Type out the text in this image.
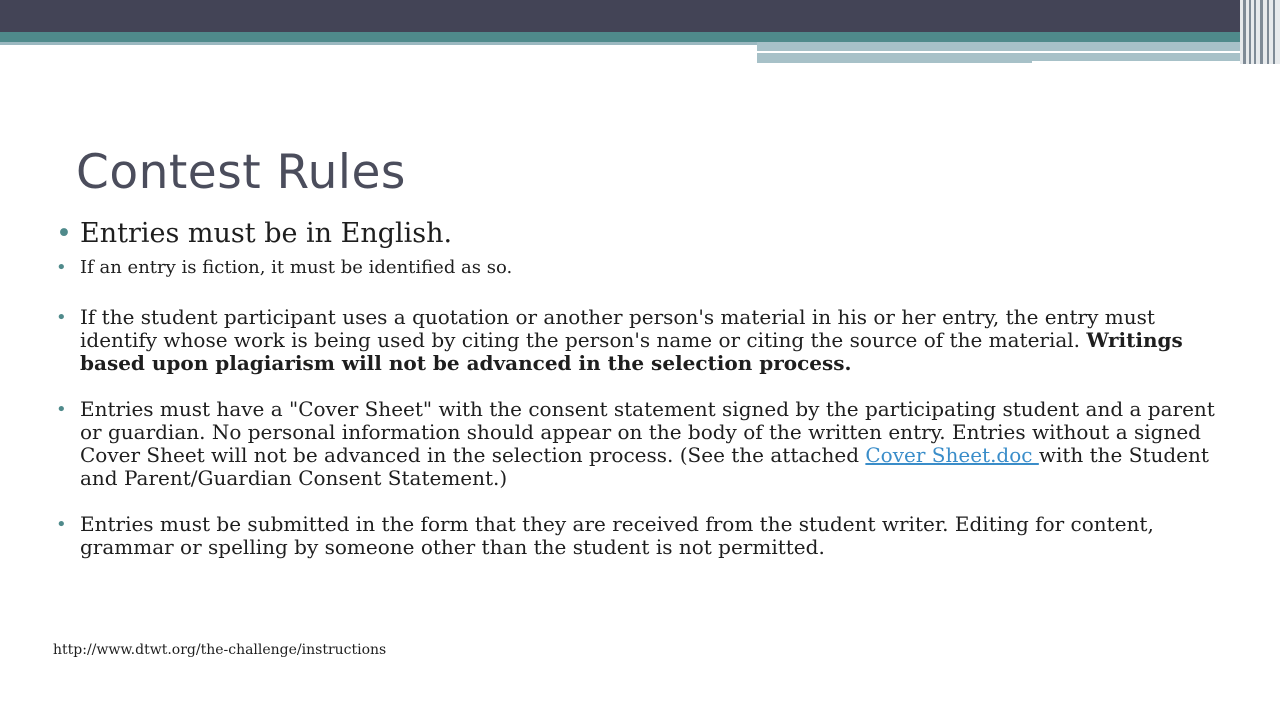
Contest Rules
• Entries must be in English.
• If an entry is fiction, it must be identified as so.
• If the student participant uses a quotation or another person's material in his or her entry, the entry must identify whose work is being used by citing the person's name or citing the source of the material. Writings based upon plagiarism will not be advanced in the selection process.
• Entries must have a "Cover Sheet" with the consent statement signed by the participating student and a parent or guardian. No personal information should appear on the body of the written entry. Entries without a signed Cover Sheet will not be advanced in the selection process. (See the attached Cover Sheet.doc with the Student and Parent/Guardian Consent Statement.)
• Entries must be submitted in the form that they are received from the student writer. Editing for content, grammar or spelling by someone other than the student is not permitted.
http://www.dtwt.org/the-challenge/instructions
